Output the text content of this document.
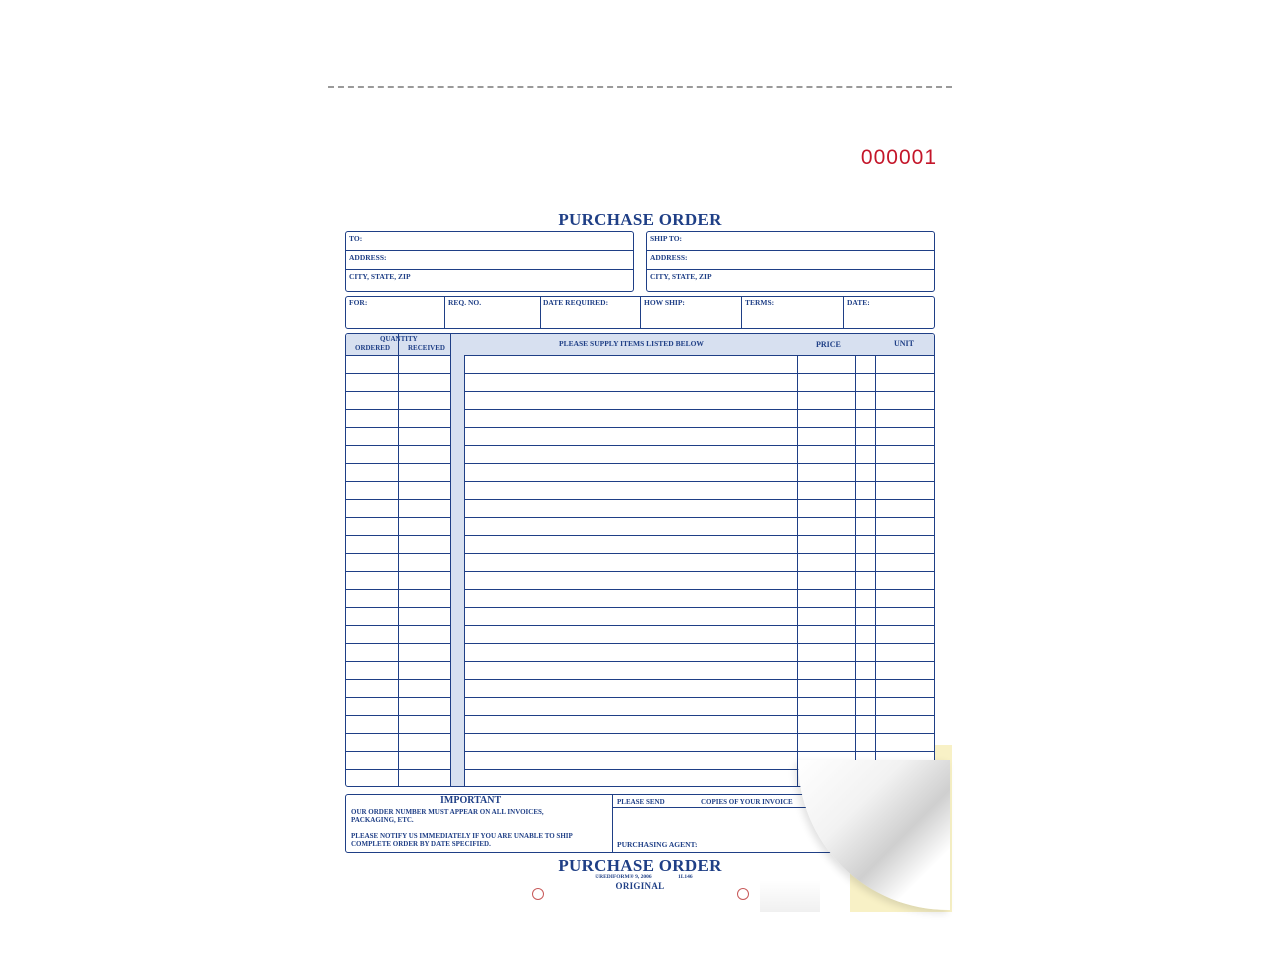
000001
PURCHASE ORDER
TO:
ADDRESS:
CITY, STATE, ZIP
SHIP TO:
ADDRESS:
CITY, STATE, ZIP
FOR:	REQ. NO.	DATE REQUIRED:	HOW SHIP:	TERMS:	DATE:
QUANTITY
ORDERED	RECEIVED	PLEASE SUPPLY ITEMS LISTED BELOW	PRICE	UNIT
IMPORTANT
OUR ORDER NUMBER MUST APPEAR ON ALL INVOICES,
PACKAGING, ETC.
PLEASE NOTIFY US IMMEDIATELY IF YOU ARE UNABLE TO SHIP
COMPLETE ORDER BY DATE SPECIFIED.
PLEASE SEND	COPIES OF YOUR INVOICE
PURCHASING AGENT:
PURCHASE ORDER
©REDIFORM® 9, 2006	1L146
ORIGINAL
